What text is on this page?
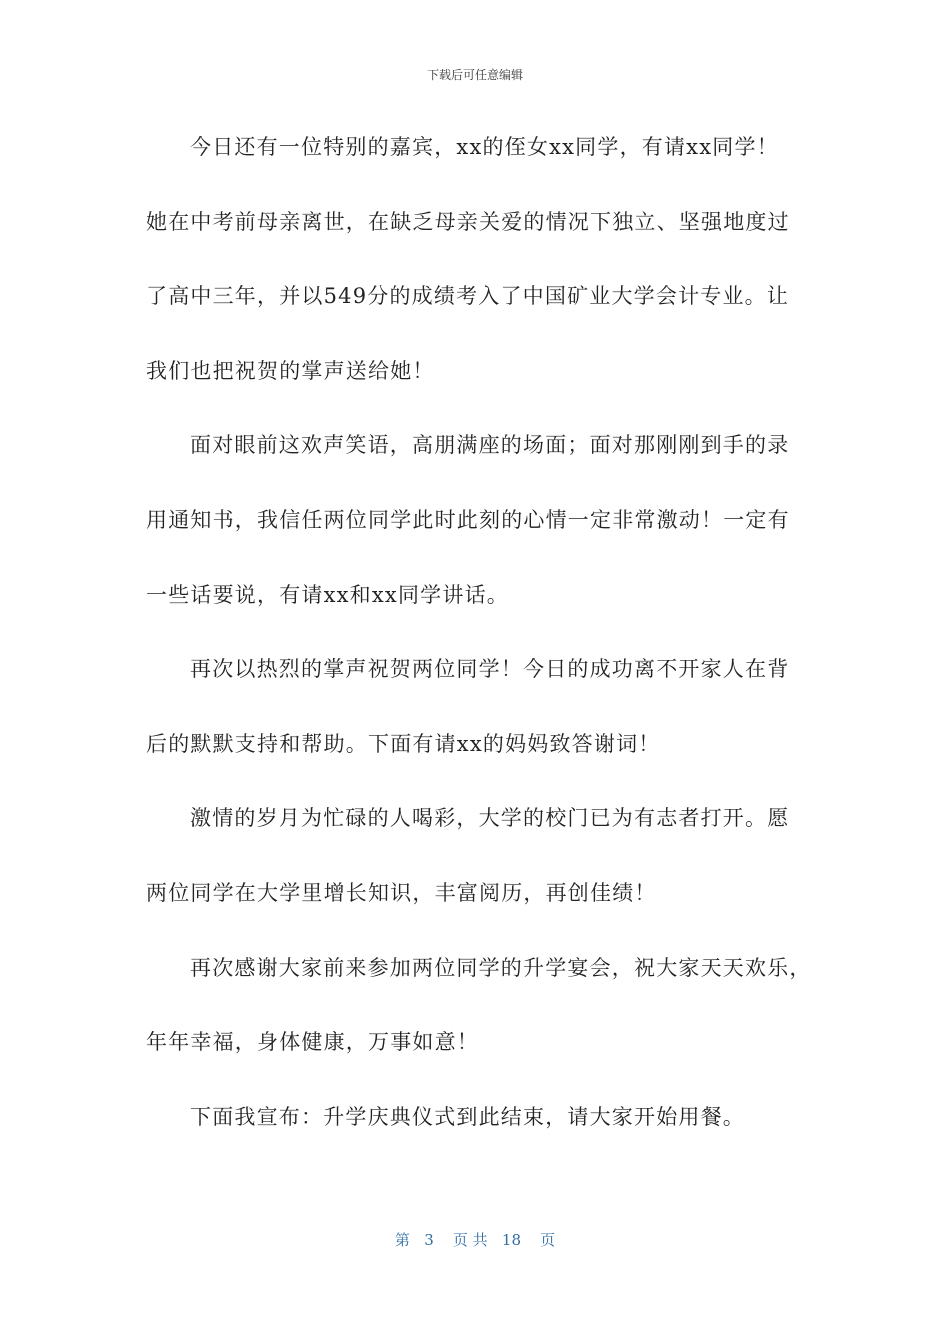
下载后可任意编辑
今日还有一位特别的嘉宾，xx的侄女xx同学，有请xx同学！
她在中考前母亲离世，在缺乏母亲关爱的情况下独立、坚强地度过
了高中三年，并以549分的成绩考入了中国矿业大学会计专业。让
我们也把祝贺的掌声送给她！
面对眼前这欢声笑语，高朋满座的场面；面对那刚刚到手的录
用通知书，我信任两位同学此时此刻的心情一定非常激动！一定有
一些话要说，有请xx和xx同学讲话。
再次以热烈的掌声祝贺两位同学！今日的成功离不开家人在背
后的默默支持和帮助。下面有请xx的妈妈致答谢词！
激情的岁月为忙碌的人喝彩，大学的校门已为有志者打开。愿
两位同学在大学里增长知识，丰富阅历，再创佳绩！
再次感谢大家前来参加两位同学的升学宴会，祝大家天天欢乐，
年年幸福，身体健康，万事如意！
下面我宣布：升学庆典仪式到此结束，请大家开始用餐。
第 3 页 共 18 页
